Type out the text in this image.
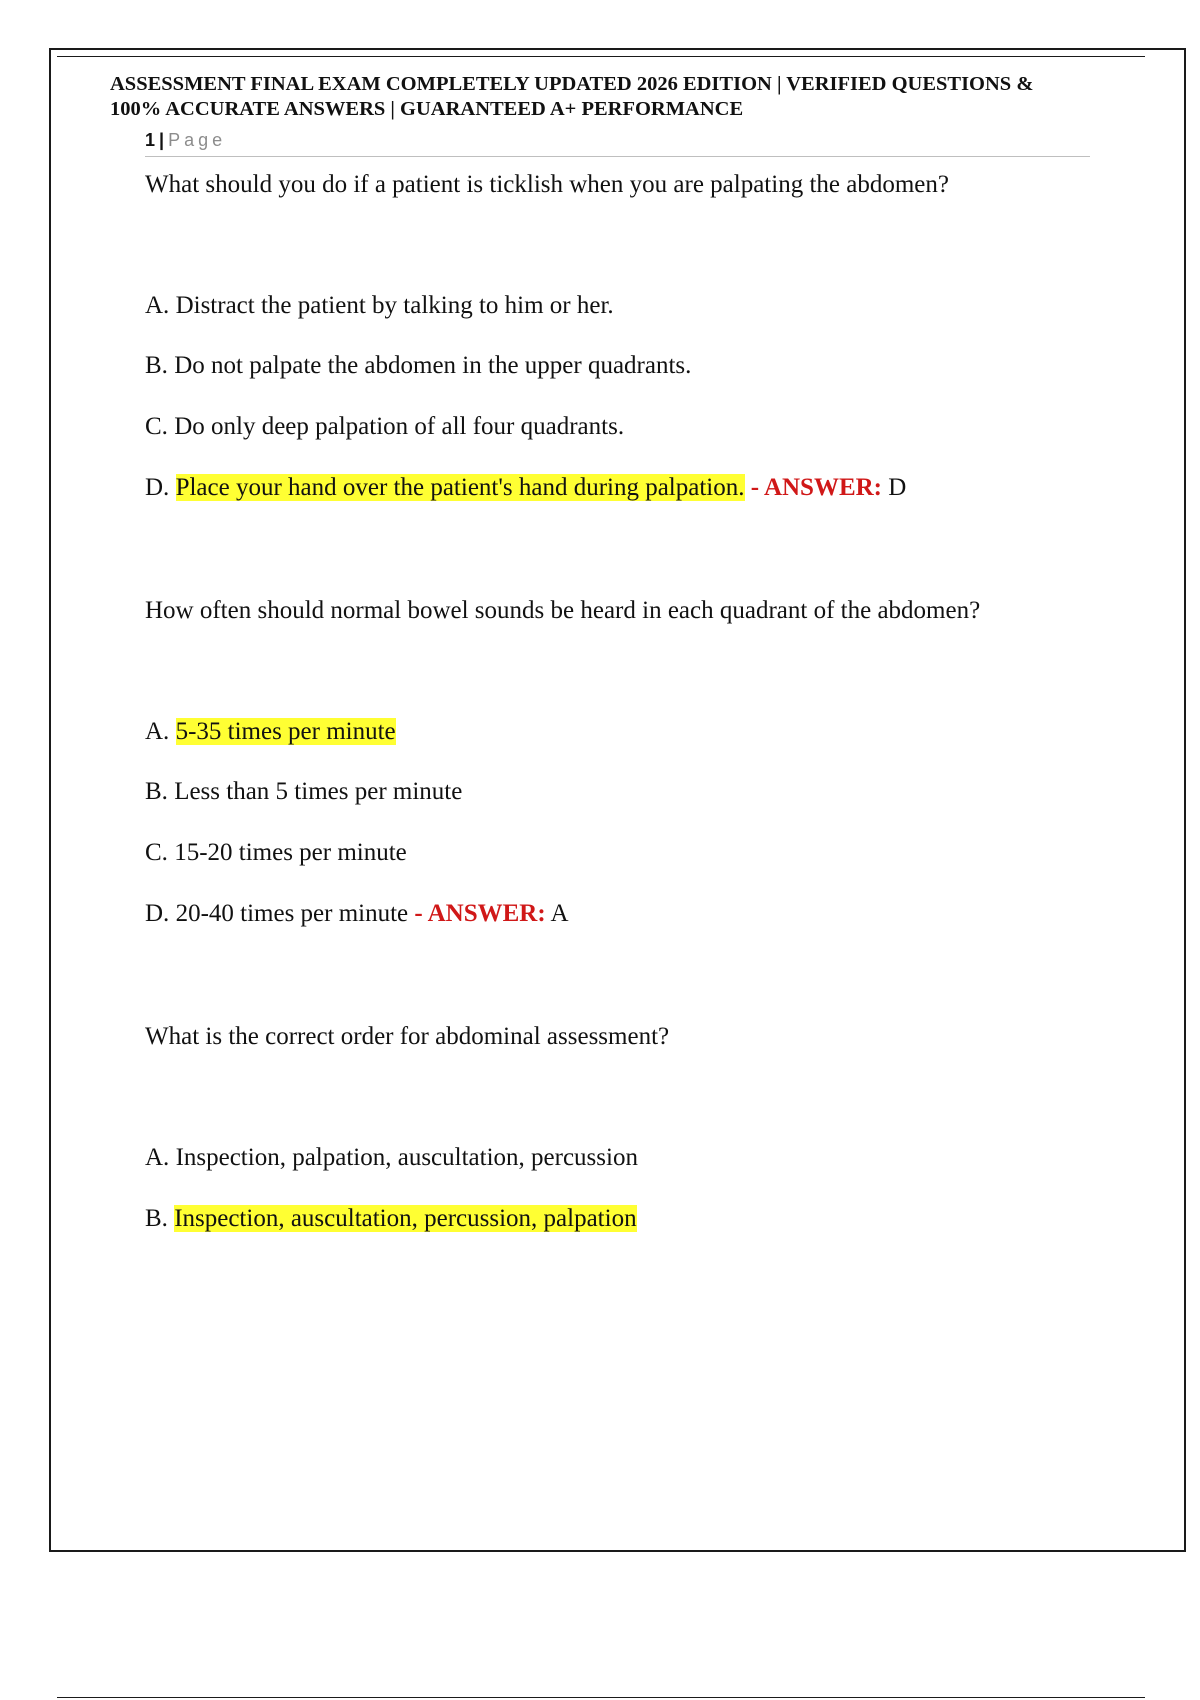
ASSESSMENT FINAL EXAM COMPLETELY UPDATED 2026 EDITION | VERIFIED QUESTIONS &
100% ACCURATE ANSWERS | GUARANTEED A+ PERFORMANCE
1 | Page
What should you do if a patient is ticklish when you are palpating the abdomen?
A. Distract the patient by talking to him or her.
B. Do not palpate the abdomen in the upper quadrants.
C. Do only deep palpation of all four quadrants.
D. Place your hand over the patient's hand during palpation. - ANSWER: D
How often should normal bowel sounds be heard in each quadrant of the abdomen?
A. 5-35 times per minute
B. Less than 5 times per minute
C. 15-20 times per minute
D. 20-40 times per minute - ANSWER: A
What is the correct order for abdominal assessment?
A. Inspection, palpation, auscultation, percussion
B. Inspection, auscultation, percussion, palpation
